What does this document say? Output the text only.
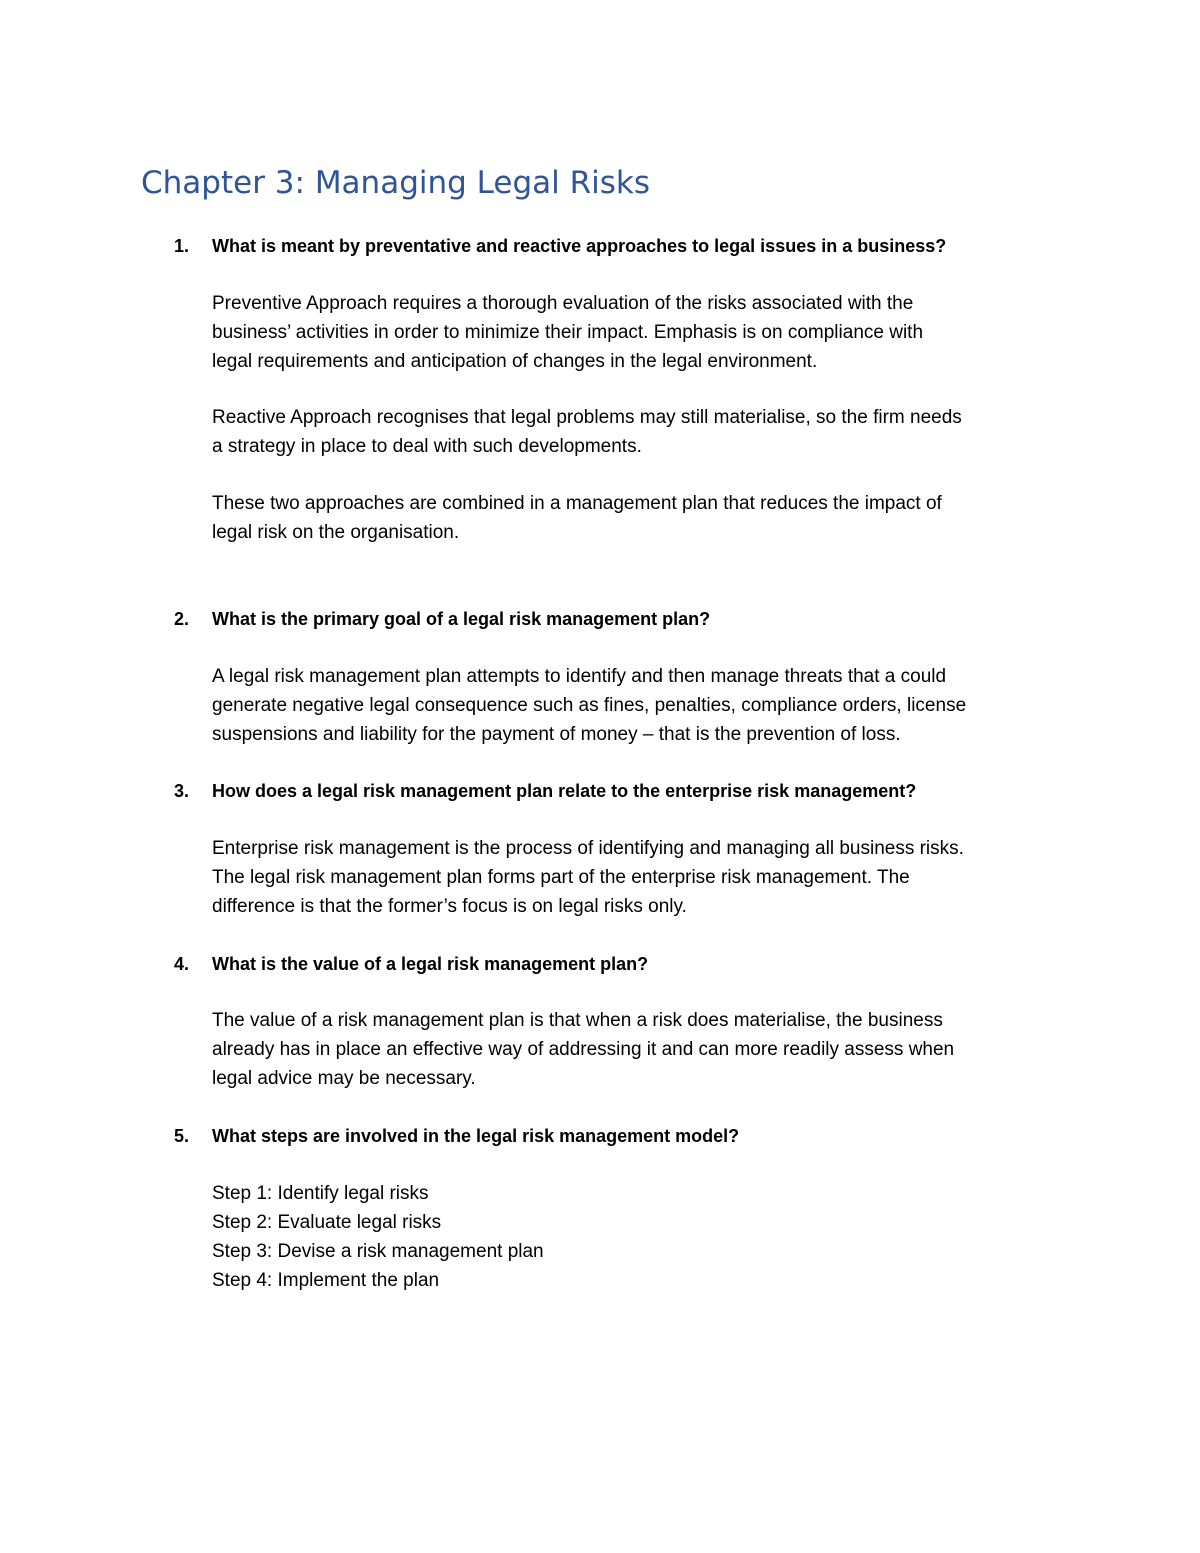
Chapter 3: Managing Legal Risks
1. What is meant by preventative and reactive approaches to legal issues in a business?

Preventive Approach requires a thorough evaluation of the risks associated with the
business’ activities in order to minimize their impact. Emphasis is on compliance with
legal requirements and anticipation of changes in the legal environment.

Reactive Approach recognises that legal problems may still materialise, so the firm needs
a strategy in place to deal with such developments.

These two approaches are combined in a management plan that reduces the impact of
legal risk on the organisation.

2. What is the primary goal of a legal risk management plan?

A legal risk management plan attempts to identify and then manage threats that a could
generate negative legal consequence such as fines, penalties, compliance orders, license
suspensions and liability for the payment of money – that is the prevention of loss.

3. How does a legal risk management plan relate to the enterprise risk management?

Enterprise risk management is the process of identifying and managing all business risks.
The legal risk management plan forms part of the enterprise risk management. The
difference is that the former’s focus is on legal risks only.

4. What is the value of a legal risk management plan?

The value of a risk management plan is that when a risk does materialise, the business
already has in place an effective way of addressing it and can more readily assess when
legal advice may be necessary.

5. What steps are involved in the legal risk management model?

Step 1: Identify legal risks
Step 2: Evaluate legal risks
Step 3: Devise a risk management plan
Step 4: Implement the plan
